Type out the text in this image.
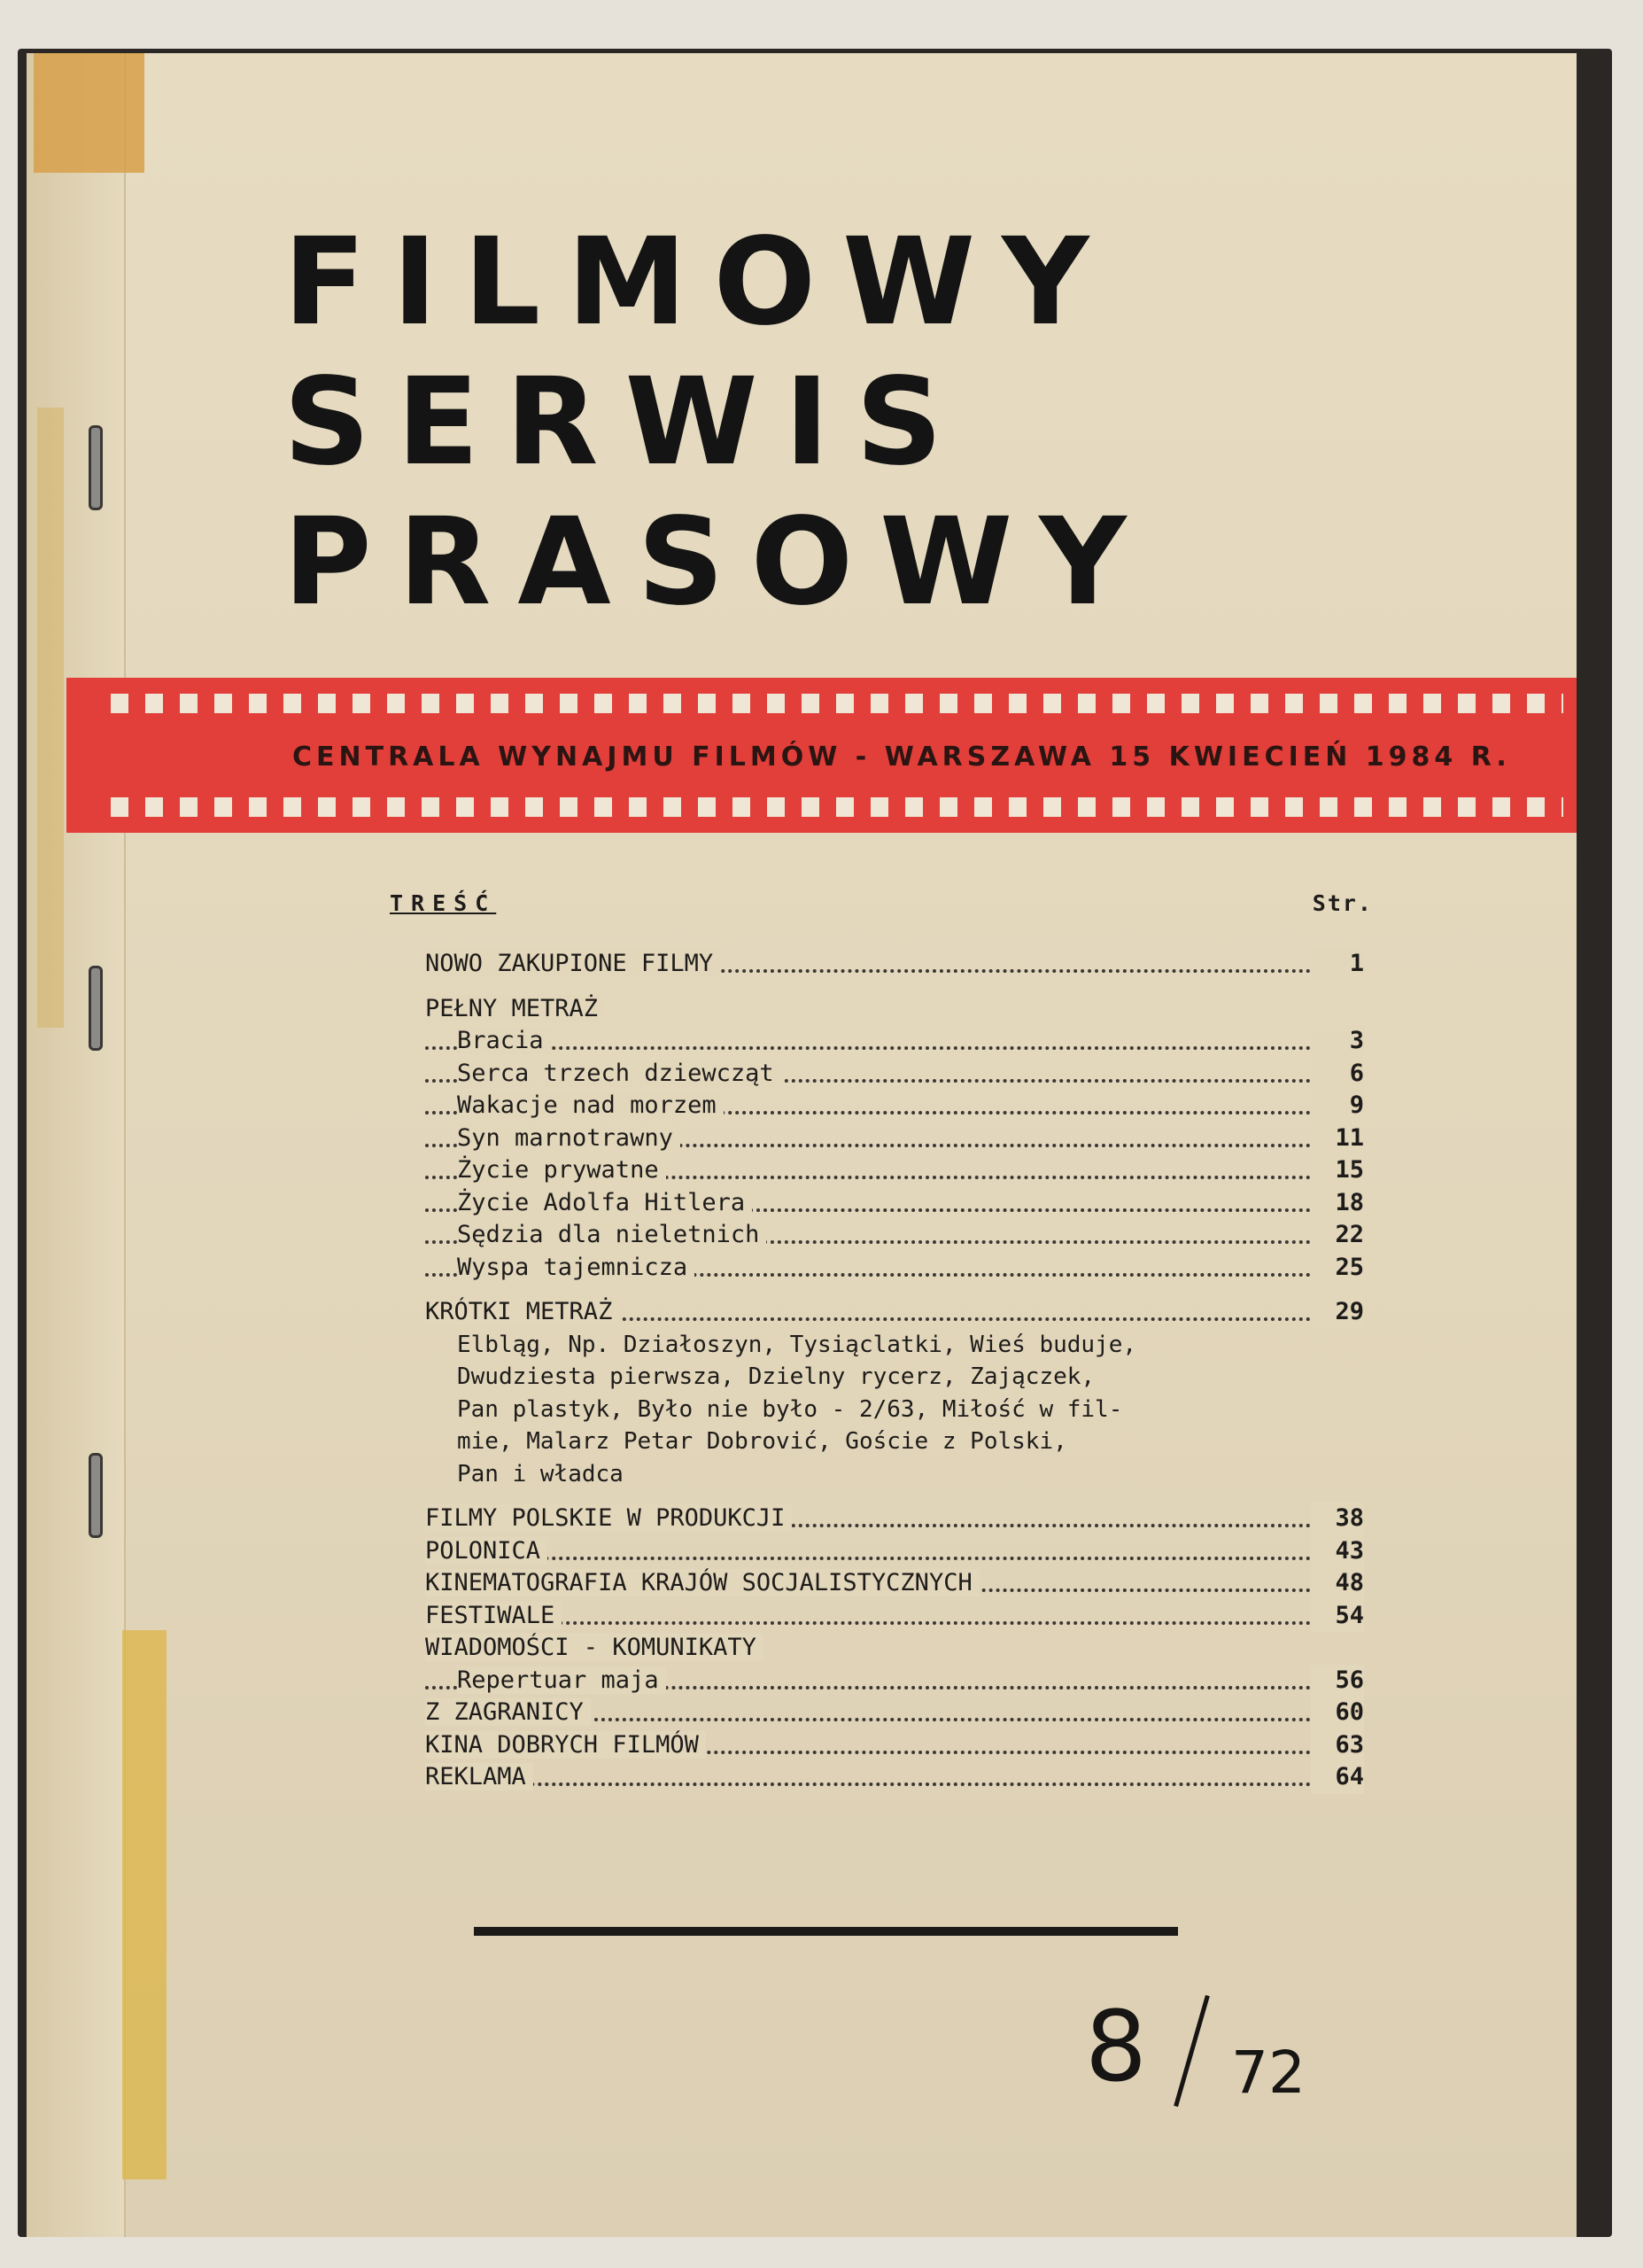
FILMOWY
SERWIS
PRASOWY
CENTRALA WYNAJMU FILMÓW - WARSZAWA 15 KWIECIEŃ 1984 R.
TREŚĆ	Str.
NOWO ZAKUPIONE FILMY	1
PEŁNY METRAŻ
Bracia	3
Serca trzech dziewcząt	6
Wakacje nad morzem	9
Syn marnotrawny	11
Życie prywatne	15
Życie Adolfa Hitlera	18
Sędzia dla nieletnich	22
Wyspa tajemnicza	25
KRÓTKI METRAŻ	29
Elbląg, Np. Działoszyn, Tysiąclatki, Wieś buduje,
Dwudziesta pierwsza, Dzielny rycerz, Zajączek,
Pan plastyk, Było nie było - 2/63, Miłość w fil-
mie, Malarz Petar Dobrović, Goście z Polski,
Pan i władca
FILMY POLSKIE W PRODUKCJI	38
POLONICA	43
KINEMATOGRAFIA KRAJÓW SOCJALISTYCZNYCH	48
FESTIWALE	54
WIADOMOŚCI - KOMUNIKATY
Repertuar maja	56
Z ZAGRANICY	60
KINA DOBRYCH FILMÓW	63
REKLAMA	64
8 72
